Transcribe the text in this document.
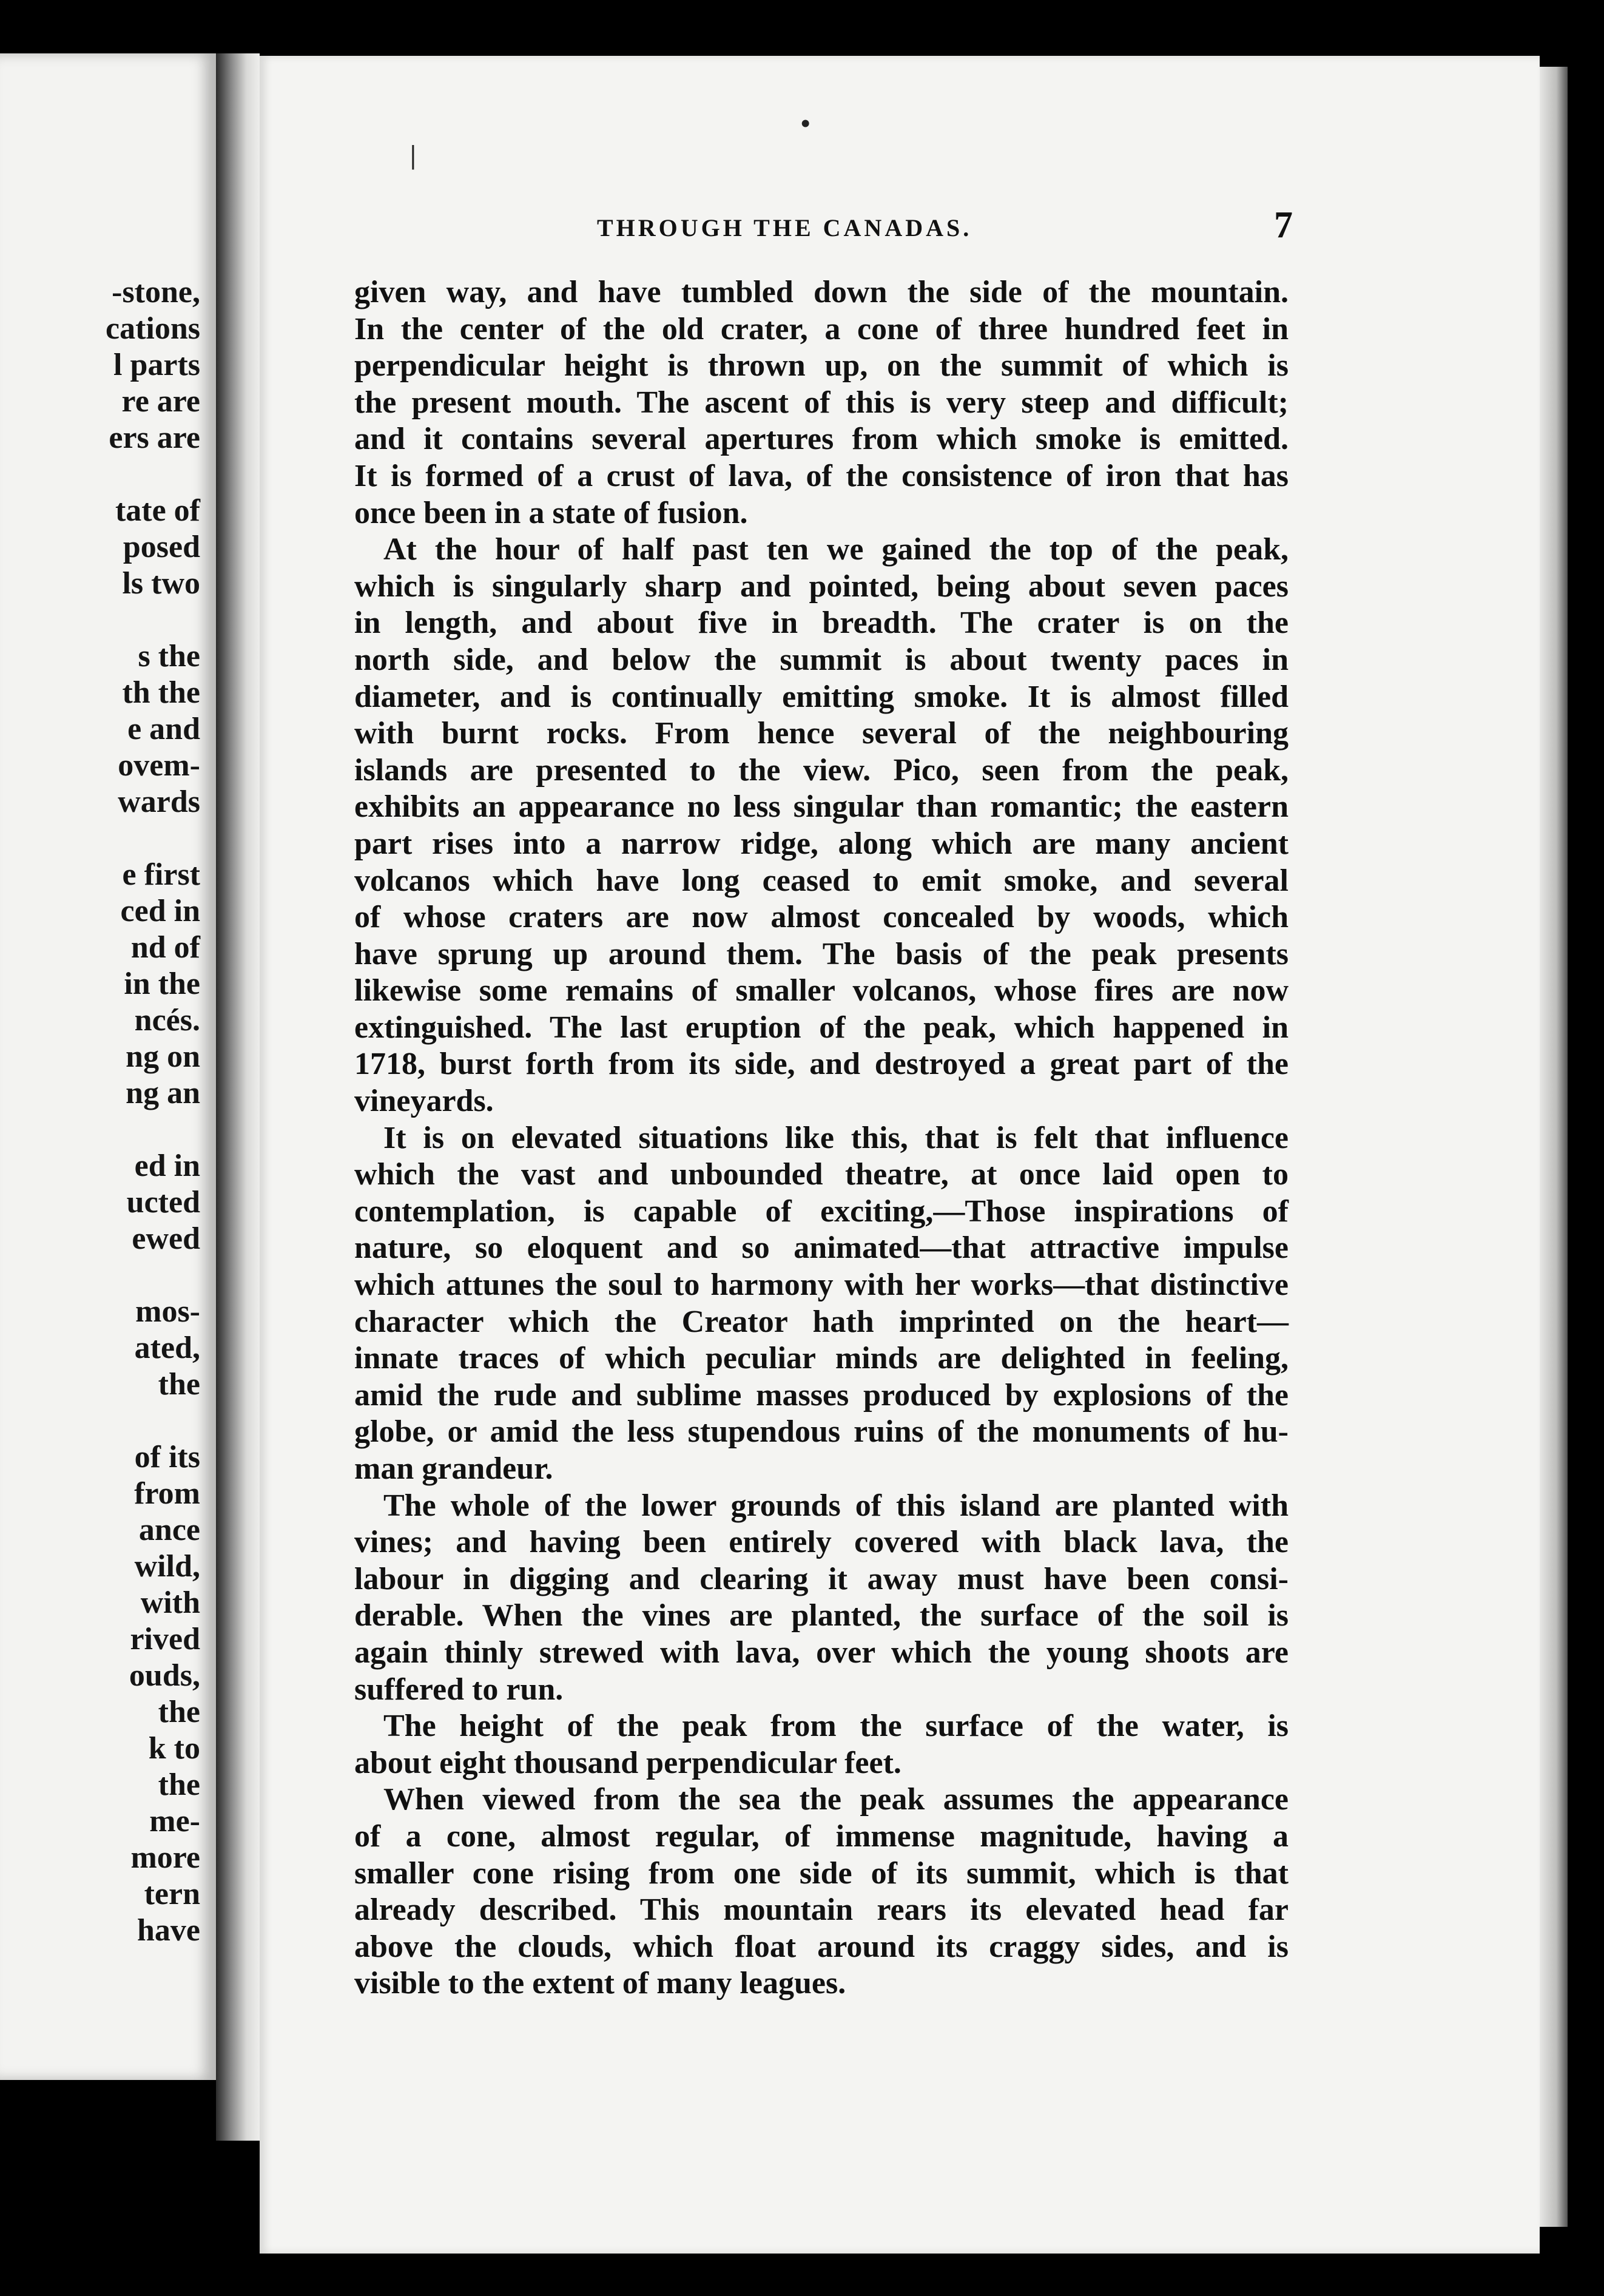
-stone,
cations
l parts
re are
ers are
tate of
posed
ls two
s the
th the
e and
ovem-
wards
e first
ced in
nd of
in the
ncés.
ng on
ng an
ed in
ucted
ewed
mos-
ated,
the
of its
from
ance
wild,
with
rived
ouds,
the
k to
the
me-
more
tern
have
•
|
THROUGH THE CANADAS.	7
given way, and have tumbled down the side of the mountain.
In the center of the old crater, a cone of three hundred feet in
perpendicular height is thrown up, on the summit of which is
the present mouth. The ascent of this is very steep and difficult;
and it contains several apertures from which smoke is emitted.
It is formed of a crust of lava, of the consistence of iron that has
once been in a state of fusion.
At the hour of half past ten we gained the top of the peak,
which is singularly sharp and pointed, being about seven paces
in length, and about five in breadth. The crater is on the
north side, and below the summit is about twenty paces in
diameter, and is continually emitting smoke. It is almost filled
with burnt rocks. From hence several of the neighbouring
islands are presented to the view. Pico, seen from the peak,
exhibits an appearance no less singular than romantic; the eastern
part rises into a narrow ridge, along which are many ancient
volcanos which have long ceased to emit smoke, and several
of whose craters are now almost concealed by woods, which
have sprung up around them. The basis of the peak presents
likewise some remains of smaller volcanos, whose fires are now
extinguished. The last eruption of the peak, which happened in
1718, burst forth from its side, and destroyed a great part of the
vineyards.
It is on elevated situations like this, that is felt that influence
which the vast and unbounded theatre, at once laid open to
contemplation, is capable of exciting,—Those inspirations of
nature, so eloquent and so animated—that attractive impulse
which attunes the soul to harmony with her works—that distinctive
character which the Creator hath imprinted on the heart—
innate traces of which peculiar minds are delighted in feeling,
amid the rude and sublime masses produced by explosions of the
globe, or amid the less stupendous ruins of the monuments of hu-
man grandeur.
The whole of the lower grounds of this island are planted with
vines; and having been entirely covered with black lava, the
labour in digging and clearing it away must have been consi-
derable. When the vines are planted, the surface of the soil is
again thinly strewed with lava, over which the young shoots are
suffered to run.
The height of the peak from the surface of the water, is
about eight thousand perpendicular feet.
When viewed from the sea the peak assumes the appearance
of a cone, almost regular, of immense magnitude, having a
smaller cone rising from one side of its summit, which is that
already described. This mountain rears its elevated head far
above the clouds, which float around its craggy sides, and is
visible to the extent of many leagues.
